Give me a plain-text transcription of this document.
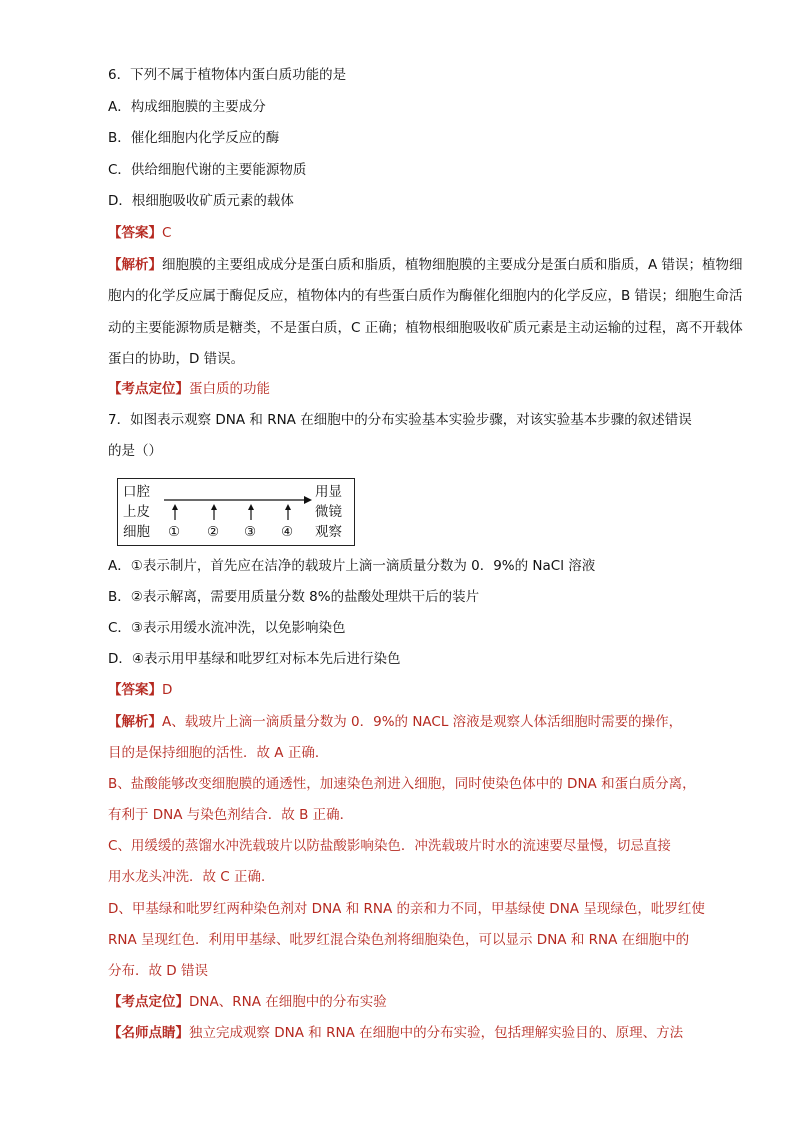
6．下列不属于植物体内蛋白质功能的是
A．构成细胞膜的主要成分
B．催化细胞内化学反应的酶
C．供给细胞代谢的主要能源物质
D．根细胞吸收矿质元素的载体
【答案】C
【解析】细胞膜的主要组成成分是蛋白质和脂质，植物细胞膜的主要成分是蛋白质和脂质，A 错误；植物细
胞内的化学反应属于酶促反应，植物体内的有些蛋白质作为酶催化细胞内的化学反应，B 错误；细胞生命活
动的主要能源物质是糖类，不是蛋白质，C 正确；植物根细胞吸收矿质元素是主动运输的过程，离不开载体
蛋白的协助，D 错误。
【考点定位】蛋白质的功能
7．如图表示观察 DNA 和 RNA 在细胞中的分布实验基本实验步骤，对该实验基本步骤的叙述错误
的是（）
口腔
上皮
细胞
用显
微镜
观察
① ② ③ ④
A．①表示制片，首先应在洁净的载玻片上滴一滴质量分数为 0．9%的 NaCl 溶液
B．②表示解离，需要用质量分数 8%的盐酸处理烘干后的装片
C．③表示用缓水流冲洗，以免影响染色
D．④表示用甲基绿和吡罗红对标本先后进行染色
【答案】D
【解析】A、载玻片上滴一滴质量分数为 0．9%的 NACL 溶液是观察人体活细胞时需要的操作，
目的是保持细胞的活性．故 A 正确．
B、盐酸能够改变细胞膜的通透性，加速染色剂进入细胞，同时使染色体中的 DNA 和蛋白质分离，
有利于 DNA 与染色剂结合．故 B 正确．
C、用缓缓的蒸馏水冲洗载玻片以防盐酸影响染色．冲洗载玻片时水的流速要尽量慢，切忌直接
用水龙头冲洗．故 C 正确．
D、甲基绿和吡罗红两种染色剂对 DNA 和 RNA 的亲和力不同，甲基绿使 DNA 呈现绿色，吡罗红使
RNA 呈现红色．利用甲基绿、吡罗红混合染色剂将细胞染色，可以显示 DNA 和 RNA 在细胞中的
分布．故 D 错误
【考点定位】DNA、RNA 在细胞中的分布实验
【名师点睛】独立完成观察 DNA 和 RNA 在细胞中的分布实验，包括理解实验目的、原理、方法
